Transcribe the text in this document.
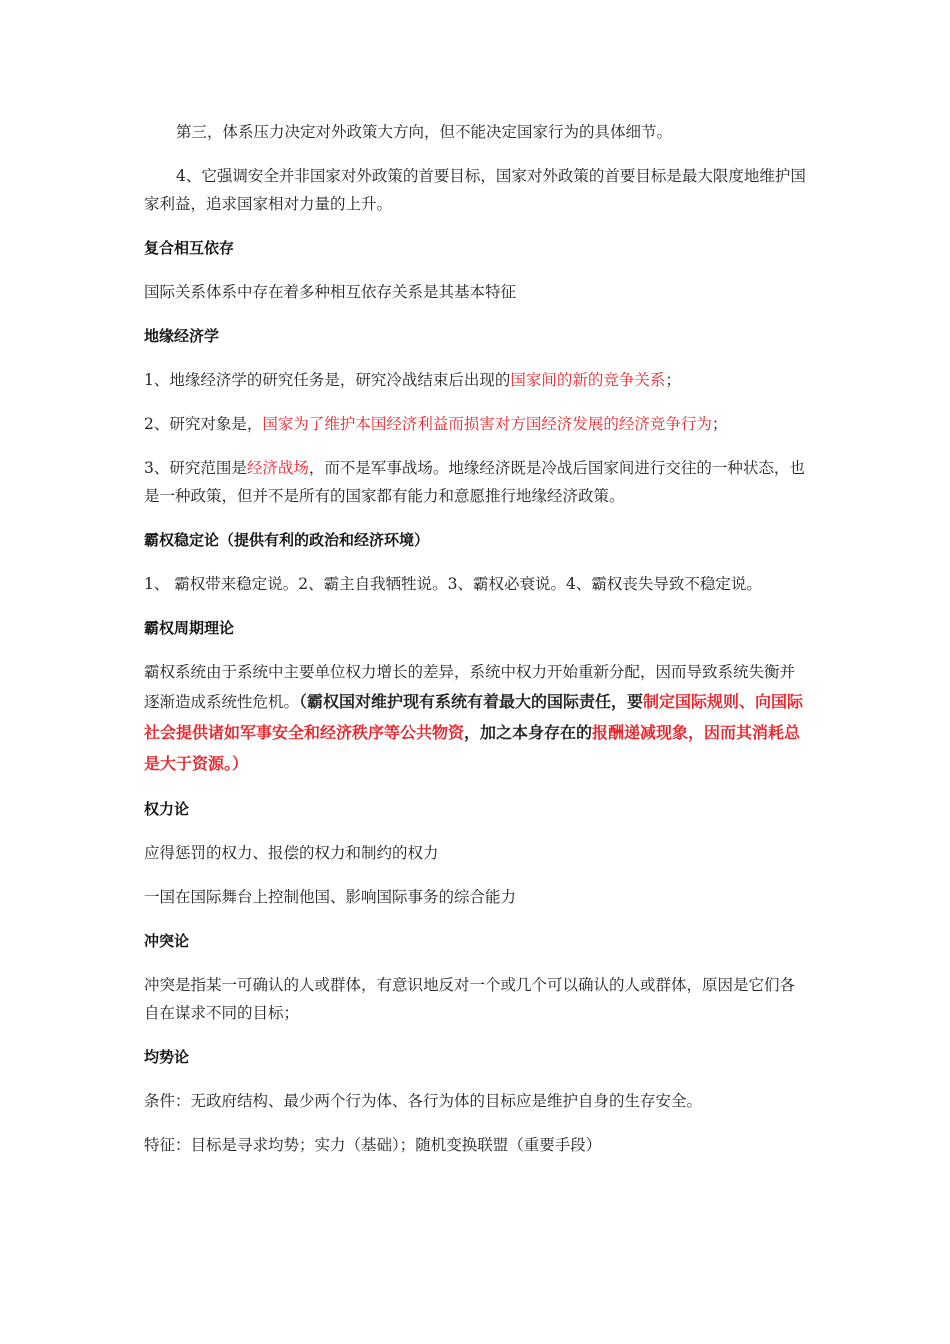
第三，体系压力决定对外政策大方向，但不能决定国家行为的具体细节。

4、它强调安全并非国家对外政策的首要目标，国家对外政策的首要目标是最大限度地维护国家利益，追求国家相对力量的上升。

复合相互依存

国际关系体系中存在着多种相互依存关系是其基本特征

地缘经济学

1、地缘经济学的研究任务是，研究冷战结束后出现的国家间的新的竞争关系；

2、研究对象是，国家为了维护本国经济利益而损害对方国经济发展的经济竞争行为；

3、研究范围是经济战场，而不是军事战场。地缘经济既是冷战后国家间进行交往的一种状态，也是一种政策，但并不是所有的国家都有能力和意愿推行地缘经济政策。

霸权稳定论（提供有利的政治和经济环境）

1、 霸权带来稳定说。2、霸主自我牺牲说。3、霸权必衰说。4、霸权丧失导致不稳定说。

霸权周期理论

霸权系统由于系统中主要单位权力增长的差异，系统中权力开始重新分配，因而导致系统失衡并逐渐造成系统性危机。（霸权国对维护现有系统有着最大的国际责任，要制定国际规则、向国际社会提供诸如军事安全和经济秩序等公共物资，加之本身存在的报酬递减现象，因而其消耗总是大于资源。）

权力论

应得惩罚的权力、报偿的权力和制约的权力

一国在国际舞台上控制他国、影响国际事务的综合能力

冲突论

冲突是指某一可确认的人或群体，有意识地反对一个或几个可以确认的人或群体，原因是它们各自在谋求不同的目标；

均势论

条件：无政府结构、最少两个行为体、各行为体的目标应是维护自身的生存安全。

特征：目标是寻求均势；实力（基础）；随机变换联盟（重要手段）
